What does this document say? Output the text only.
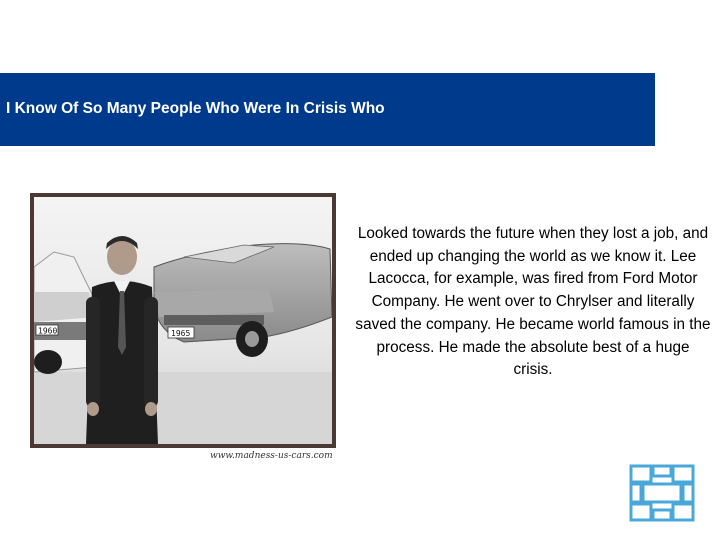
I Know Of So Many People Who Were In Crisis Who
1960	1965
www.madness-us-cars.com
Looked towards the future when they lost a job, and ended up changing the world as we know it. Lee Lacocca, for example, was fired from Ford Motor Company. He went over to Chrylser and literally saved the company. He became world famous in the process. He made the absolute best of a huge crisis.
